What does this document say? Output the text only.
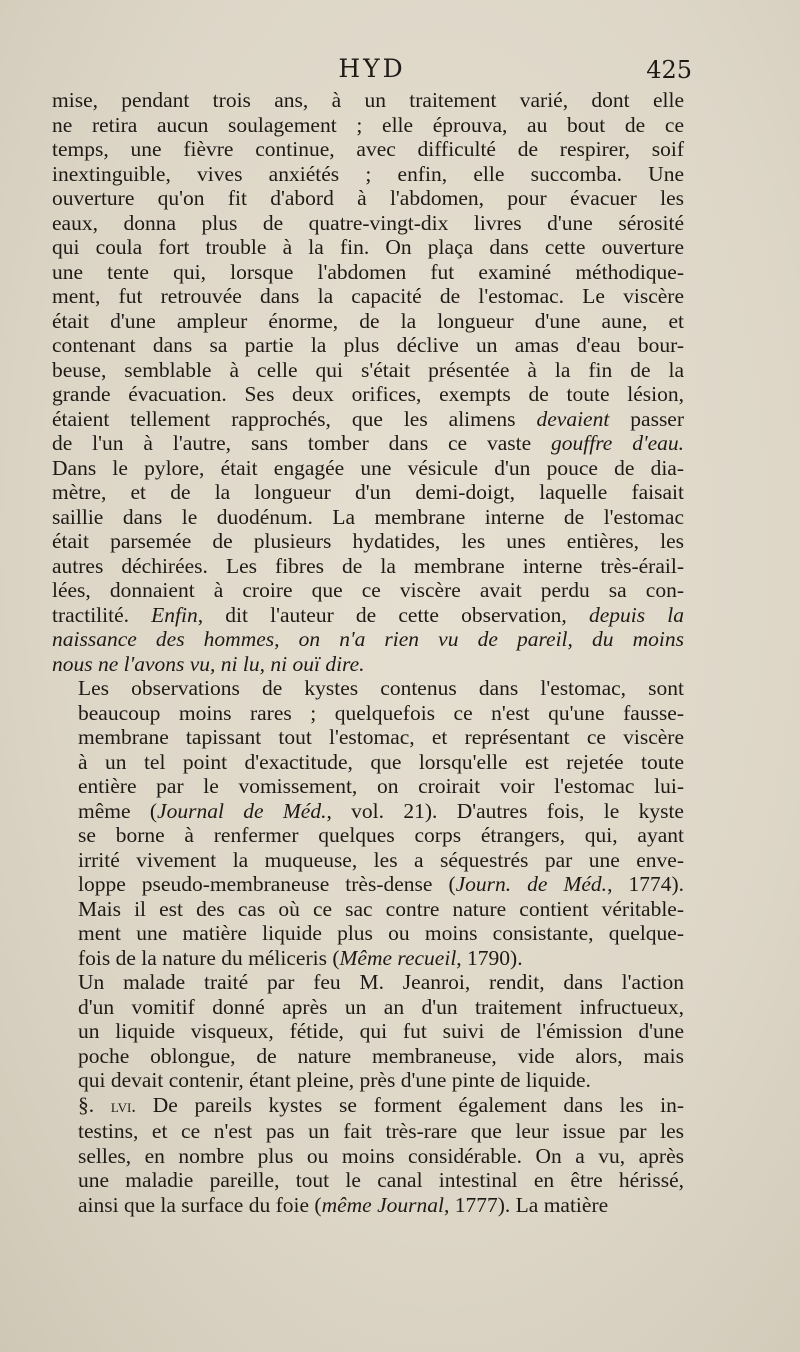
HYD	425

mise, pendant trois ans, à un traitement varié, dont elle
ne retira aucun soulagement ; elle éprouva, au bout de ce
temps, une fièvre continue, avec difficulté de respirer, soif
inextinguible, vives anxiétés ; enfin, elle succomba. Une
ouverture qu'on fit d'abord à l'abdomen, pour évacuer les
eaux, donna plus de quatre-vingt-dix livres d'une sérosité
qui coula fort trouble à la fin. On plaça dans cette ouverture
une tente qui, lorsque l'abdomen fut examiné méthodique-
ment, fut retrouvée dans la capacité de l'estomac. Le viscère
était d'une ampleur énorme, de la longueur d'une aune, et
contenant dans sa partie la plus déclive un amas d'eau bour-
beuse, semblable à celle qui s'était présentée à la fin de la
grande évacuation. Ses deux orifices, exempts de toute lésion,
étaient tellement rapprochés, que les alimens devaient passer
de l'un à l'autre, sans tomber dans ce vaste gouffre d'eau.
Dans le pylore, était engagée une vésicule d'un pouce de dia-
mètre, et de la longueur d'un demi-doigt, laquelle faisait
saillie dans le duodénum. La membrane interne de l'estomac
était parsemée de plusieurs hydatides, les unes entières, les
autres déchirées. Les fibres de la membrane interne très-érail-
lées, donnaient à croire que ce viscère avait perdu sa con-
tractilité. Enfin, dit l'auteur de cette observation, depuis la
naissance des hommes, on n'a rien vu de pareil, du moins
nous ne l'avons vu, ni lu, ni ouï dire.

Les observations de kystes contenus dans l'estomac, sont
beaucoup moins rares ; quelquefois ce n'est qu'une fausse-
membrane tapissant tout l'estomac, et représentant ce viscère
à un tel point d'exactitude, que lorsqu'elle est rejetée toute
entière par le vomissement, on croirait voir l'estomac lui-
même (Journal de Méd., vol. 21). D'autres fois, le kyste
se borne à renfermer quelques corps étrangers, qui, ayant
irrité vivement la muqueuse, les a séquestrés par une enve-
loppe pseudo-membraneuse très-dense (Journ. de Méd., 1774).
Mais il est des cas où ce sac contre nature contient véritable-
ment une matière liquide plus ou moins consistante, quelque-
fois de la nature du méliceris (Même recueil, 1790).

Un malade traité par feu M. Jeanroi, rendit, dans l'action
d'un vomitif donné après un an d'un traitement infructueux,
un liquide visqueux, fétide, qui fut suivi de l'émission d'une
poche oblongue, de nature membraneuse, vide alors, mais
qui devait contenir, étant pleine, près d'une pinte de liquide.

§. lvi. De pareils kystes se forment également dans les in-
testins, et ce n'est pas un fait très-rare que leur issue par les
selles, en nombre plus ou moins considérable. On a vu, après
une maladie pareille, tout le canal intestinal en être hérissé,
ainsi que la surface du foie (même Journal, 1777). La matière
